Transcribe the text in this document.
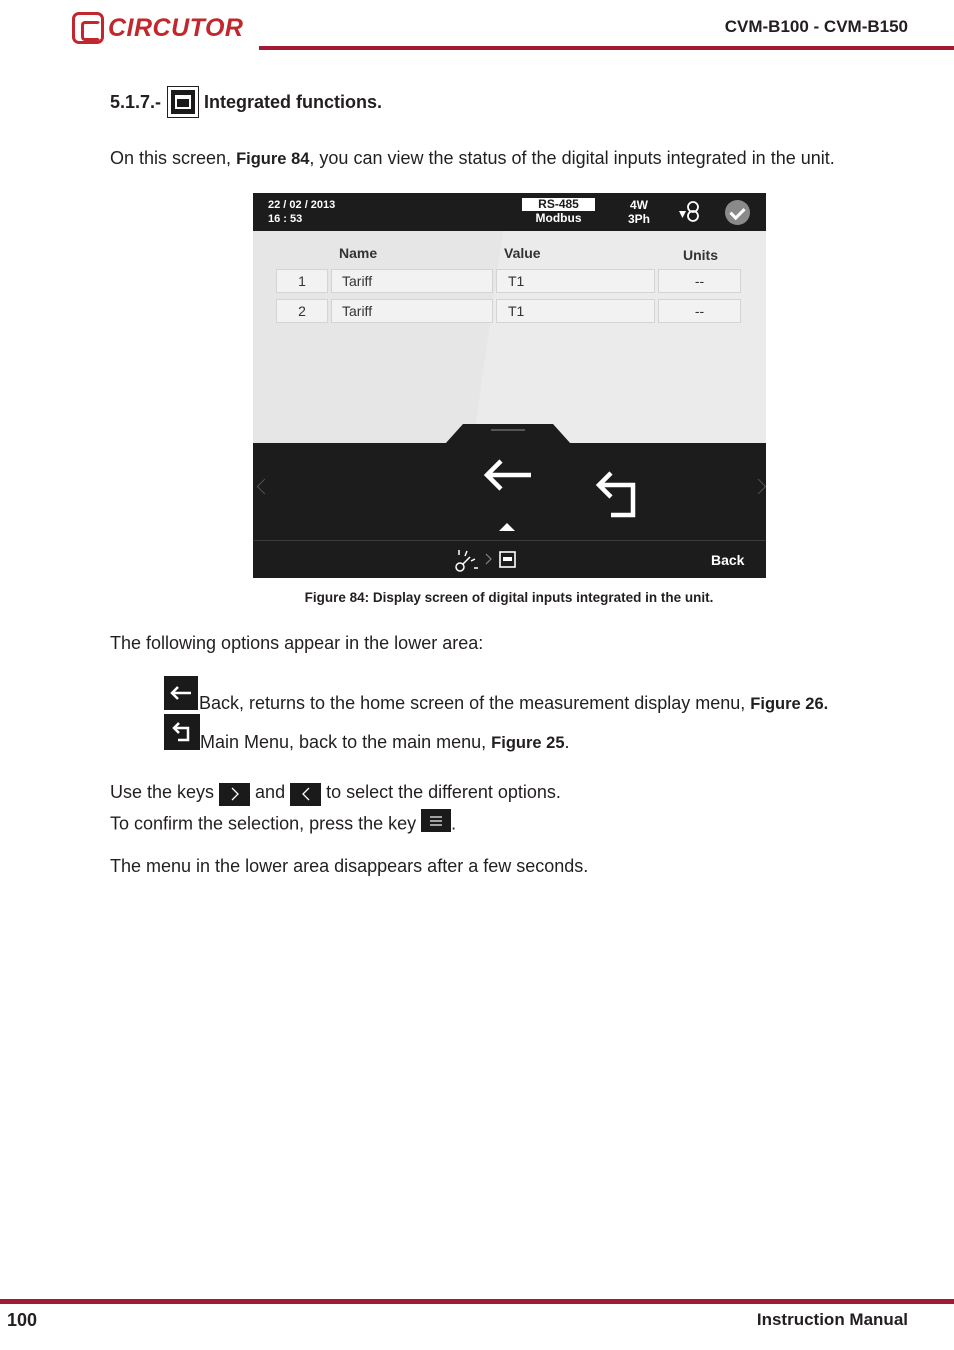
CIRCUTOR	CVM-B100 - CVM-B150
5.1.7.- Integrated functions.
On this screen, Figure 84, you can view the status of the digital inputs integrated in the unit.
22 / 02 / 2013
16 : 53
RS-485
Modbus
4W
3Ph
Name	Value	Units
1	Tariff	T1	--
2	Tariff	T1	--
Back
Figure 84: Display screen of digital inputs integrated in the unit.
The following options appear in the lower area:
Back, returns to the home screen of the measurement display menu, Figure 26.
Main Menu, back to the main menu, Figure 25.
Use the keys
and
to select the different options.
To confirm the selection, press the key
.
The menu in the lower area disappears after a few seconds.
100	Instruction Manual
